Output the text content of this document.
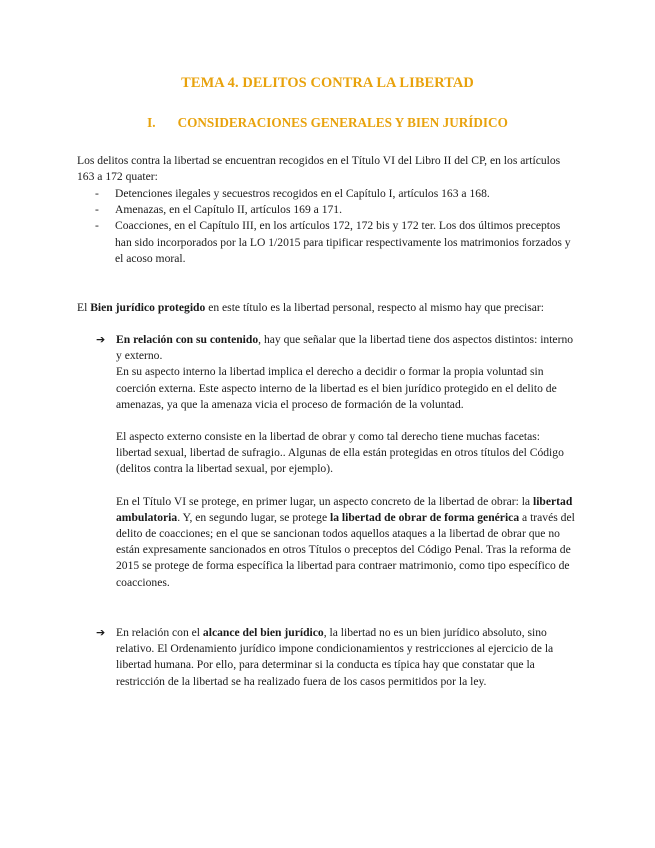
TEMA 4. DELITOS CONTRA LA LIBERTAD
I. CONSIDERACIONES GENERALES Y BIEN JURÍDICO
Los delitos contra la libertad se encuentran recogidos en el Título VI del Libro II del CP, en los artículos 163 a 172 quater:
- Detenciones ilegales y secuestros recogidos en el Capítulo I, artículos 163 a 168.
- Amenazas, en el Capítulo II, artículos 169 a 171.
- Coacciones, en el Capítulo III, en los artículos 172, 172 bis y 172 ter. Los dos últimos preceptos han sido incorporados por la LO 1/2015 para tipificar respectivamente los matrimonios forzados y el acoso moral.
El Bien jurídico protegido en este título es la libertad personal, respecto al mismo hay que precisar:
➔ En relación con su contenido, hay que señalar que la libertad tiene dos aspectos distintos: interno y externo.

En su aspecto interno la libertad implica el derecho a decidir o formar la propia voluntad sin coerción externa. Este aspecto interno de la libertad es el bien jurídico protegido en el delito de amenazas, ya que la amenaza vicia el proceso de formación de la voluntad.

El aspecto externo consiste en la libertad de obrar y como tal derecho tiene muchas facetas: libertad sexual, libertad de sufragio.. Algunas de ella están protegidas en otros títulos del Código (delitos contra la libertad sexual, por ejemplo).

En el Título VI se protege, en primer lugar, un aspecto concreto de la libertad de obrar: la libertad ambulatoria. Y, en segundo lugar, se protege la libertad de obrar de forma genérica a través del delito de coacciones; en el que se sancionan todos aquellos ataques a la libertad de obrar que no están expresamente sancionados en otros Títulos o preceptos del Código Penal. Tras la reforma de 2015 se protege de forma específica la libertad para contraer matrimonio, como tipo específico de coacciones.

➔ En relación con el alcance del bien jurídico, la libertad no es un bien jurídico absoluto, sino relativo. El Ordenamiento jurídico impone condicionamientos y restricciones al ejercicio de la libertad humana. Por ello, para determinar si la conducta es típica hay que constatar que la restricción de la libertad se ha realizado fuera de los casos permitidos por la ley.
